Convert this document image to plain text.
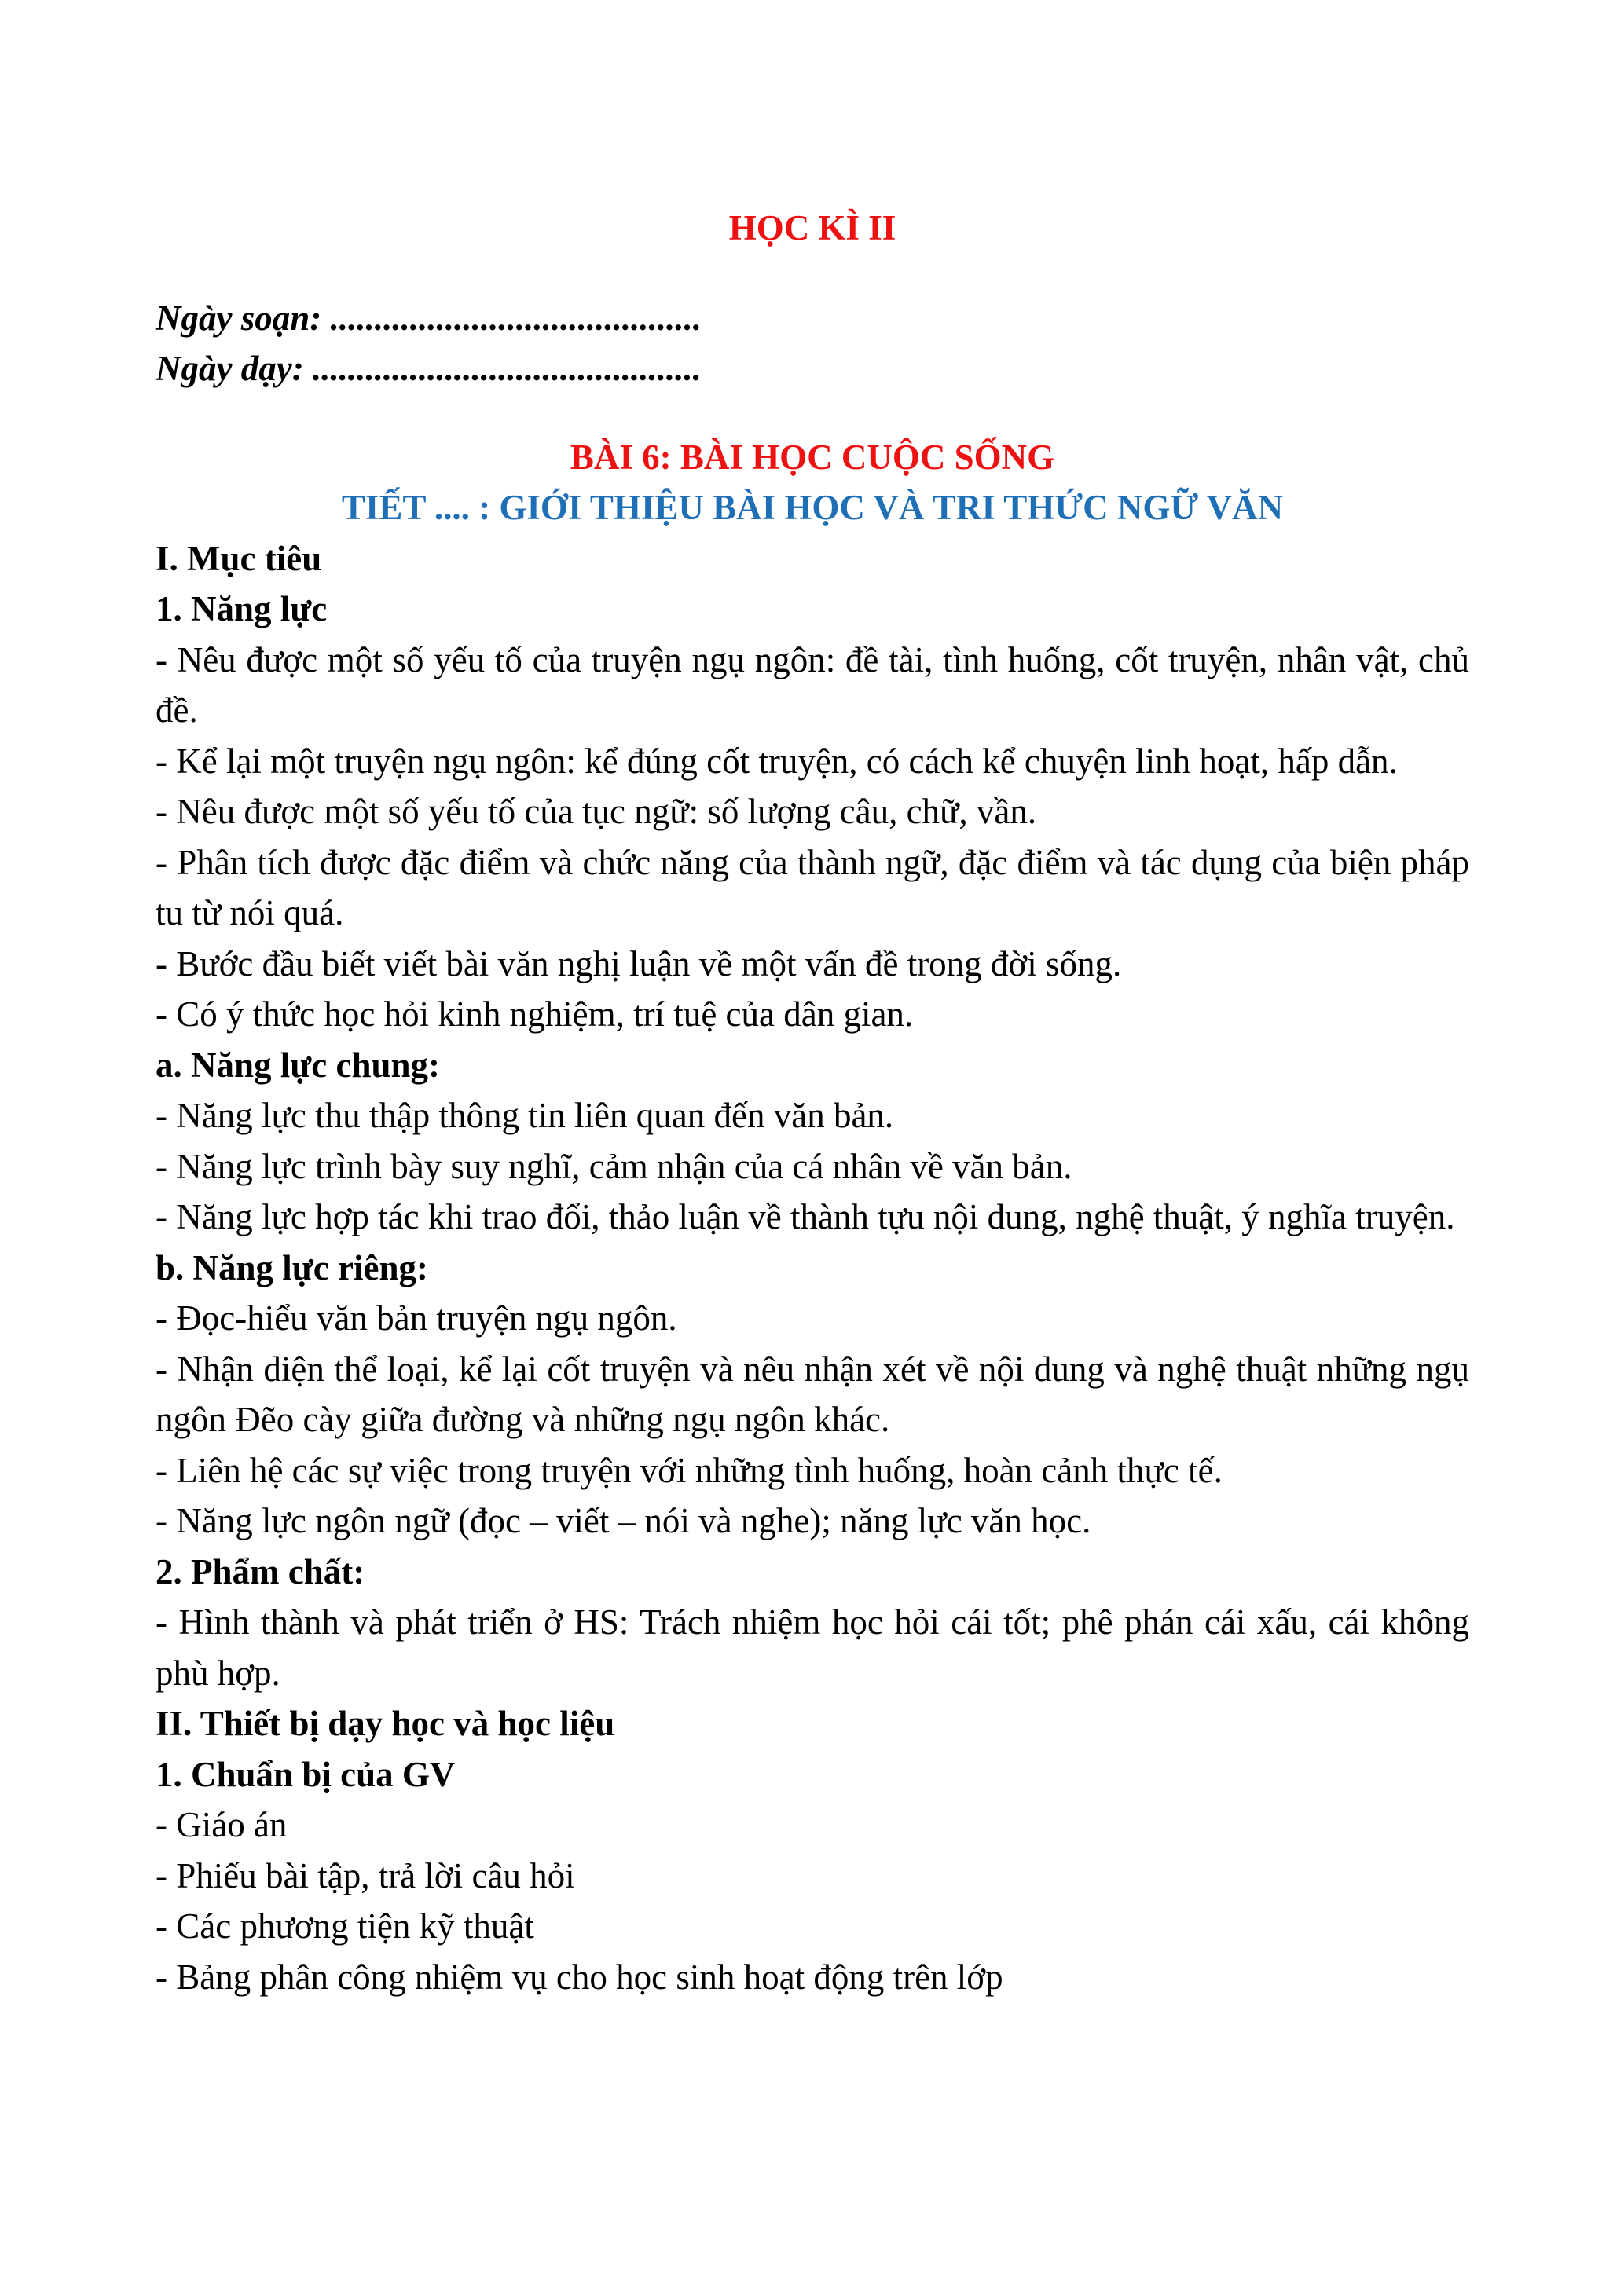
HỌC KÌ II

Ngày soạn: ..........................................

Ngày dạy: ............................................

BÀI 6: BÀI HỌC CUỘC SỐNG

TIẾT .... : GIỚI THIỆU BÀI HỌC VÀ TRI THỨC NGỮ VĂN

I. Mục tiêu

1. Năng lực

- Nêu được một số yếu tố của truyện ngụ ngôn: đề tài, tình huống, cốt truyện, nhân vật, chủ đề.

- Kể lại một truyện ngụ ngôn: kể đúng cốt truyện, có cách kể chuyện linh hoạt, hấp dẫn.

- Nêu được một số yếu tố của tục ngữ: số lượng câu, chữ, vần.

- Phân tích được đặc điểm và chức năng của thành ngữ, đặc điểm và tác dụng của biện pháp tu từ nói quá.

- Bước đầu biết viết bài văn nghị luận về một vấn đề trong đời sống.

- Có ý thức học hỏi kinh nghiệm, trí tuệ của dân gian.

a. Năng lực chung:

- Năng lực thu thập thông tin liên quan đến văn bản.

- Năng lực trình bày suy nghĩ, cảm nhận của cá nhân về văn bản.

- Năng lực hợp tác khi trao đổi, thảo luận về thành tựu nội dung, nghệ thuật, ý nghĩa truyện.

b. Năng lực riêng:

- Đọc-hiểu văn bản truyện ngụ ngôn.

- Nhận diện thể loại, kể lại cốt truyện và nêu nhận xét về nội dung và nghệ thuật những ngụ ngôn Đẽo cày giữa đường và những ngụ ngôn khác.

- Liên hệ các sự việc trong truyện với những tình huống, hoàn cảnh thực tế.

- Năng lực ngôn ngữ (đọc – viết – nói và nghe); năng lực văn học.

2. Phẩm chất:

- Hình thành và phát triển ở HS: Trách nhiệm học hỏi cái tốt; phê phán cái xấu, cái không phù hợp.

II. Thiết bị dạy học và học liệu

1. Chuẩn bị của GV

- Giáo án

- Phiếu bài tập, trả lời câu hỏi

- Các phương tiện kỹ thuật

- Bảng phân công nhiệm vụ cho học sinh hoạt động trên lớp
